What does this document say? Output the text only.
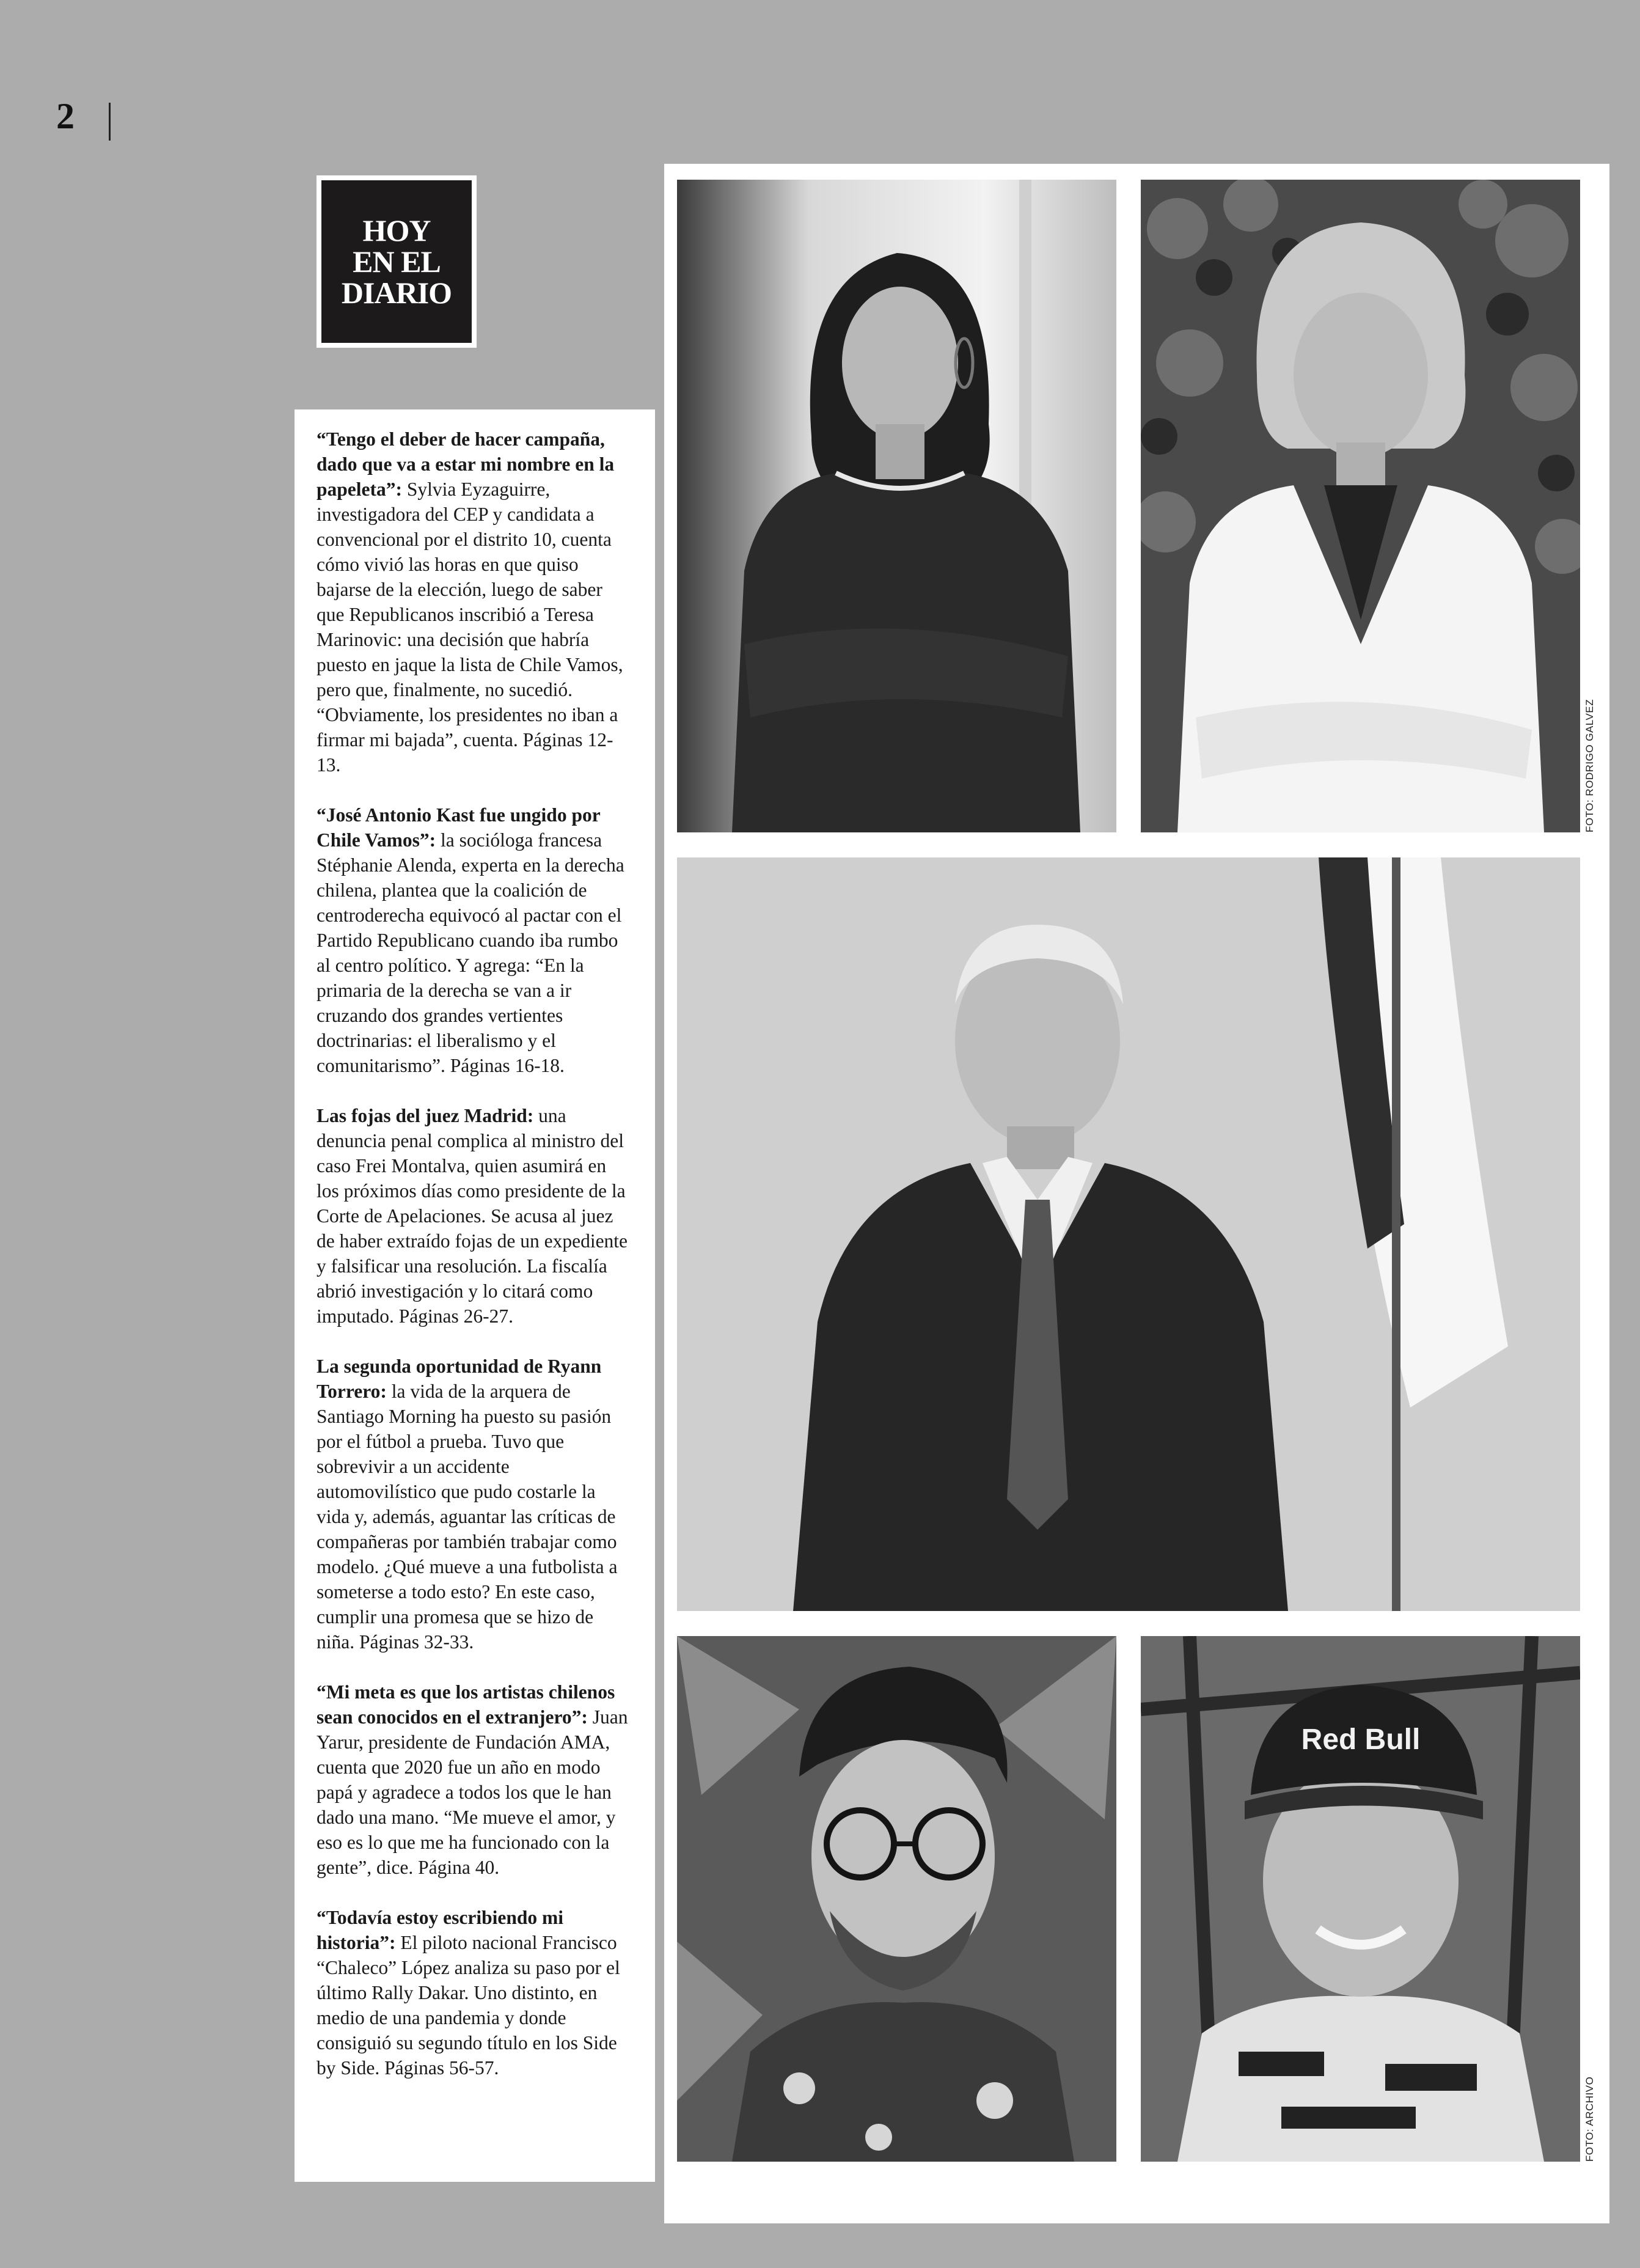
2
HOY
EN EL
DIARIO

“Tengo el deber de hacer campaña, dado que va a estar mi nombre en la papeleta”: Sylvia Eyzaguirre, investigadora del CEP y candidata a convencional por el distrito 10, cuenta cómo vivió las horas en que quiso bajarse de la elección, luego de saber que Republicanos inscribió a Teresa Marinovic: una decisión que habría puesto en jaque la lista de Chile Vamos, pero que, finalmente, no sucedió. “Obviamente, los presidentes no iban a firmar mi bajada”, cuenta. Páginas 12-13.

“José Antonio Kast fue ungido por Chile Vamos”: la socióloga francesa Stéphanie Alenda, experta en la derecha chilena, plantea que la coalición de centroderecha equivocó al pactar con el Partido Republicano cuando iba rumbo al centro político. Y agrega: “En la primaria de la derecha se van a ir cruzando dos grandes vertientes doctrinarias: el liberalismo y el comunitarismo”. Páginas 16-18.

Las fojas del juez Madrid: una denuncia penal complica al ministro del caso Frei Montalva, quien asumirá en los próximos días como presidente de la Corte de Apelaciones. Se acusa al juez de haber extraído fojas de un expediente y falsificar una resolución. La fiscalía abrió investigación y lo citará como imputado. Páginas 26-27.

La segunda oportunidad de Ryann Torrero: la vida de la arquera de Santiago Morning ha puesto su pasión por el fútbol a prueba. Tuvo que sobrevivir a un accidente automovilístico que pudo costarle la vida y, además, aguantar las críticas de compañeras por también trabajar como modelo. ¿Qué mueve a una futbolista a someterse a todo esto? En este caso, cumplir una promesa que se hizo de niña. Páginas 32-33.

“Mi meta es que los artistas chilenos sean conocidos en el extranjero”: Juan Yarur, presidente de Fundación AMA, cuenta que 2020 fue un año en modo papá y agradece a todos los que le han dado una mano. “Me mueve el amor, y eso es lo que me ha funcionado con la gente”, dice. Página 40.

“Todavía estoy escribiendo mi historia”: El piloto nacional Francisco “Chaleco” López analiza su paso por el último Rally Dakar. Uno distinto, en medio de una pandemia y donde consiguió su segundo título en los Side by Side. Páginas 56-57.

FOTO: RODRIGO GALVEZ
Red Bull
FOTO: ARCHIVO
